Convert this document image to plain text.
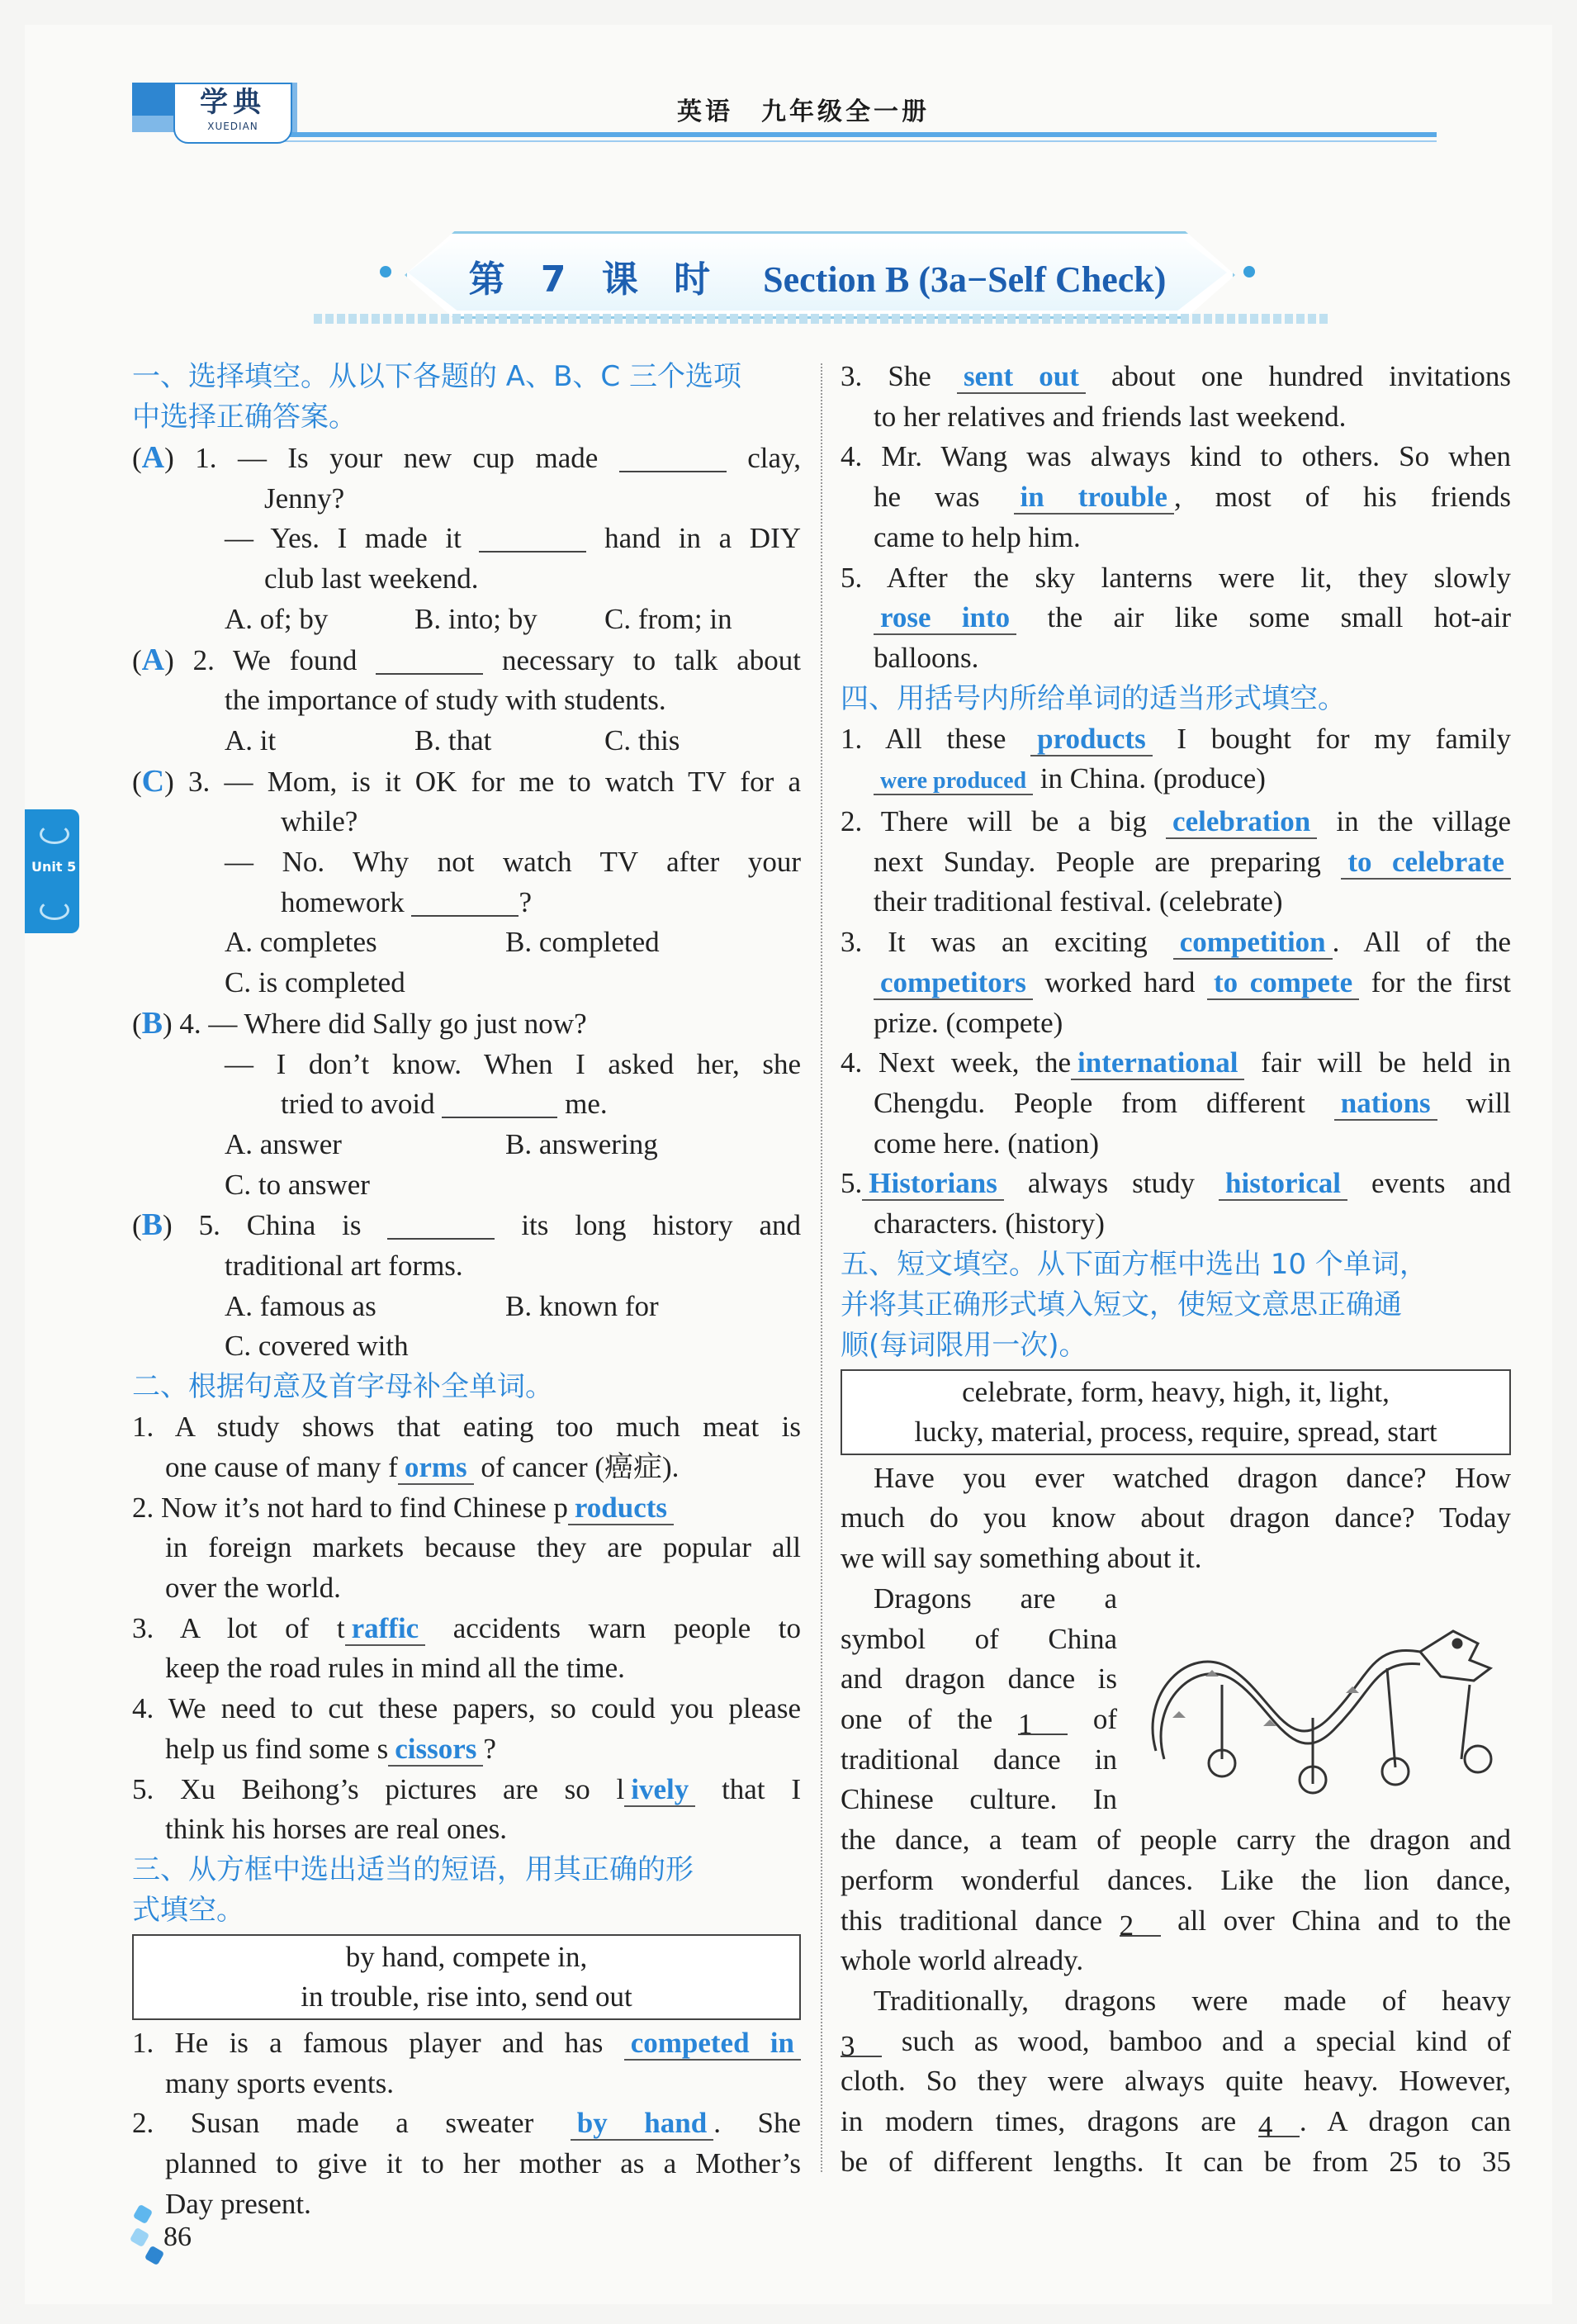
学典
XUEDIAN	英语　九年级全一册
第 7 课 时 Section B (3a−Self Check)
Unit 5
一、选择填空。从以下各题的 A、B、C 三个选项
中选择正确答案。
(A) 1. — Is your new cup made	clay,
Jenny?
— Yes. I made it	hand in a DIY
club last weekend.
A. of; by	B. into; by C. from; in
(A) 2. We found	necessary to talk about
the importance of study with students.
A. it	B. that	C. this
(C) 3. — Mom, is it OK for me to watch TV for a
while?
— No. Why not watch TV after your
homework	?
A. completes	B. completed
C. is completed
(B) 4. — Where did Sally go just now?
— I don’t know. When I asked her, she
tried to avoid	me.
A. answer	B. answering
C. to answer
(B) 5. China is	its long history and
traditional art forms.
A. famous as	B. known for
C. covered with
二、根据句意及首字母补全单词。
1. A study shows that eating too much meat is
one cause of many f orms of cancer (癌症).
2. Now it’s not hard to find Chinese p roducts
in foreign markets because they are popular all
over the world.
3. A lot of t raffic accidents warn people to
keep the road rules in mind all the time.
4. We need to cut these papers, so could you please
help us find some s cissors ?
5. Xu Beihong’s pictures are so l ively that I
think his horses are real ones.
三、从方框中选出适当的短语，用其正确的形
式填空。
by hand, compete in,
in trouble, rise into, send out
1. He is a famous player and has competed in
many sports events.
2. Susan made a sweater by hand . She
planned to give it to her mother as a Mother’s
Day present.
3. She sent out about one hundred invitations
to her relatives and friends last weekend.
4. Mr. Wang was always kind to others. So when
he was in trouble , most of his friends
came to help him.
5. After the sky lanterns were lit, they slowly
rose into the air like some small hot-air
balloons.
四、用括号内所给单词的适当形式填空。
1. All these products I bought for my family
were produced in China. (produce)
2. There will be a big celebration in the village
next Sunday. People are preparing to celebrate
their traditional festival. (celebrate)
3. It was an exciting competition . All of the
competitors worked hard to compete for the first
prize. (compete)
4. Next week, the international fair will be held in
Chengdu. People from different nations will
come here. (nation)
5. Historians always study historical events and
characters. (history)
五、短文填空。从下面方框中选出 10 个单词，
并将其正确形式填入短文，使短文意思正确通
顺(每词限用一次)。
celebrate, form, heavy, high, it, light,
lucky, material, process, require, spread, start
Have you ever watched dragon dance? How
much do you know about dragon dance? Today
we will say something about it.
Dragons are a
symbol of China
and dragon dance is
one of the 1 of
traditional dance in
Chinese culture. In
the dance, a team of people carry the dragon and
perform wonderful dances. Like the lion dance,
this traditional dance 2 all over China and to the
whole world already.
Traditionally, dragons were made of heavy
3 such as wood, bamboo and a special kind of
cloth. So they were always quite heavy. However,
in modern times, dragons are 4 . A dragon can
be of different lengths. It can be from 25 to 35
86
